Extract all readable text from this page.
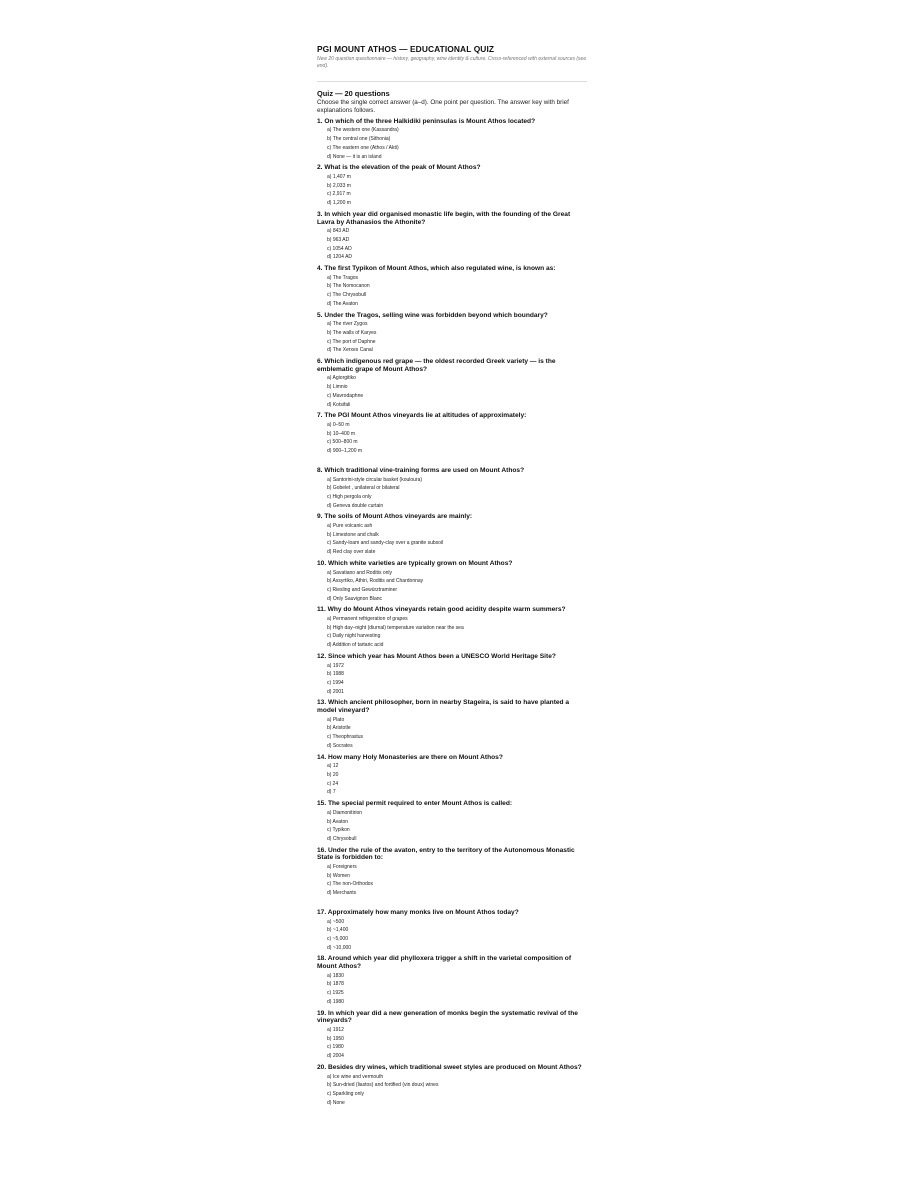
PGI MOUNT ATHOS — EDUCATIONAL QUIZ
New 20 question questionnaire — history, geography, wine identity & culture. Cross-referenced with external sources (see end).
Quiz — 20 questions
Choose the single correct answer (a–d). One point per question. The answer key with brief explanations follows.
1. On which of the three Halkidiki peninsulas is Mount Athos located?
a) The western one (Kassandra)
b) The central one (Sithonia)
c) The eastern one (Athos / Akti)
d) None — it is an island
2. What is the elevation of the peak of Mount Athos?
a) 1,407 m
b) 2,033 m
c) 2,917 m
d) 1,200 m
3. In which year did organised monastic life begin, with the founding of the Great Lavra by Athanasios the Athonite?
a) 843 AD
b) 963 AD
c) 1054 AD
d) 1204 AD
4. The first Typikon of Mount Athos, which also regulated wine, is known as:
a) The Tragos
b) The Nomocanon
c) The Chrysobull
d) The Avaton
5. Under the Tragos, selling wine was forbidden beyond which boundary?
a) The river Zygos
b) The walls of Karyes
c) The port of Daphne
d) The Xerxes Canal
6. Which indigenous red grape — the oldest recorded Greek variety — is the emblematic grape of Mount Athos?
a) Agiorgitiko
b) Limnio
c) Mavrodaphne
d) Kotsifali
7. The PGI Mount Athos vineyards lie at altitudes of approximately:
a) 0–50 m
b) 10–400 m
c) 500–800 m
d) 900–1,200 m
8. Which traditional vine-training forms are used on Mount Athos?
a) Santorini-style circular basket (kouloura)
b) Gobelet , unilateral or bilateral
c) High pergola only
d) Geneva double curtain
9. The soils of Mount Athos vineyards are mainly:
a) Pure volcanic ash
b) Limestone and chalk
c) Sandy-loam and sandy-clay over a granite subsoil
d) Red clay over slate
10. Which white varieties are typically grown on Mount Athos?
a) Savatiano and Roditis only
b) Assyrtiko, Athiri, Roditis and Chardonnay
c) Riesling and Gewürztraminer
d) Only Sauvignon Blanc
11. Why do Mount Athos vineyards retain good acidity despite warm summers?
a) Permanent refrigeration of grapes
b) High day–night (diurnal) temperature variation near the sea
c) Daily night harvesting
d) Addition of tartaric acid
12. Since which year has Mount Athos been a UNESCO World Heritage Site?
a) 1972
b) 1988
c) 1994
d) 2001
13. Which ancient philosopher, born in nearby Stageira, is said to have planted a model vineyard?
a) Plato
b) Aristotle
c) Theophrastus
d) Socrates
14. How many Holy Monasteries are there on Mount Athos?
a) 12
b) 20
c) 24
d) 7
15. The special permit required to enter Mount Athos is called:
a) Diamonitirion
b) Avaton
c) Typikon
d) Chrysobull
16. Under the rule of the avaton, entry to the territory of the Autonomous Monastic State is forbidden to:
a) Foreigners
b) Women
c) The non-Orthodox
d) Merchants
17. Approximately how many monks live on Mount Athos today?
a) ~500
b) ~1,400
c) ~5,000
d) ~10,000
18. Around which year did phylloxera trigger a shift in the varietal composition of Mount Athos?
a) 1830
b) 1878
c) 1925
d) 1980
19. In which year did a new generation of monks begin the systematic revival of the vineyards?
a) 1912
b) 1950
c) 1980
d) 2004
20. Besides dry wines, which traditional sweet styles are produced on Mount Athos?
a) Ice wine and vermouth
b) Sun-dried (liastos) and fortified (vin doux) wines
c) Sparkling only
d) None
